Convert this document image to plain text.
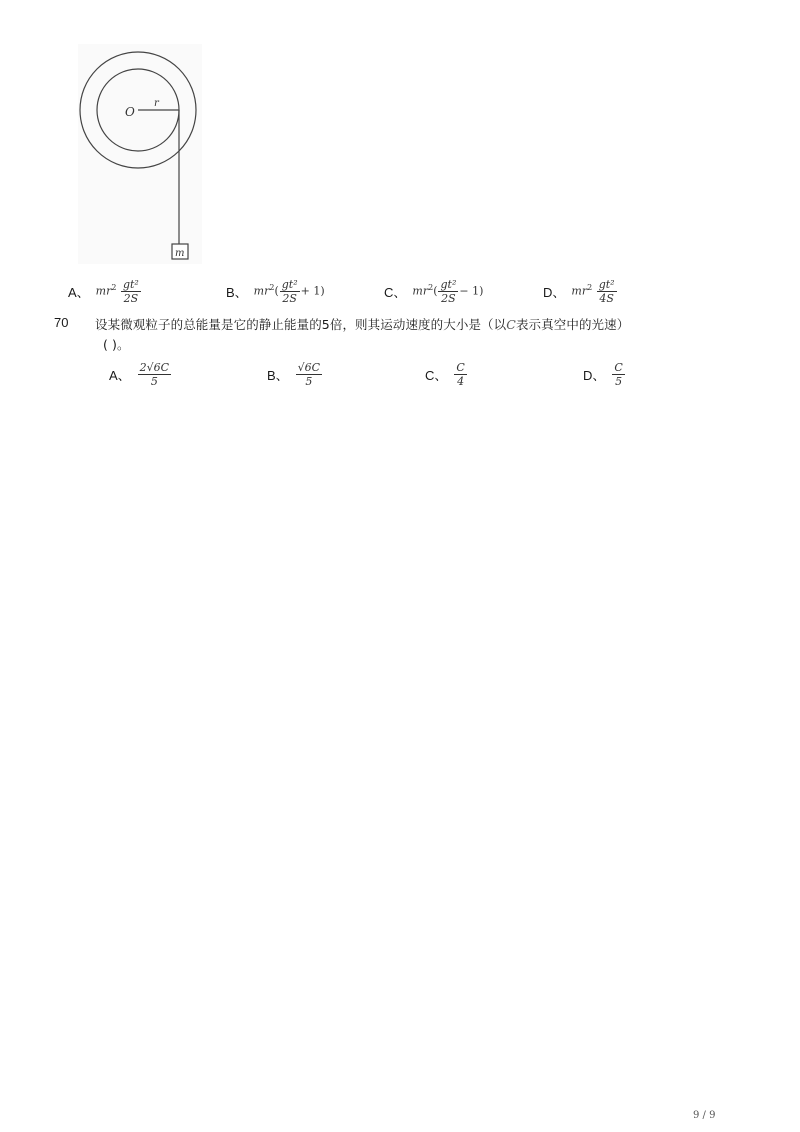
O
r
m
A、 $mr^2 \frac{\text{gt²}}{2S}$	B、 $mr^2( \frac{\text{gt²}}{2S} + 1)$	C、 $mr^2( \frac{\text{gt²}}{2S} - 1)$	D、 $mr^2 \frac{\text{gt²}}{4S}$
70 设某微观粒子的总能量是它的静止能量的5倍，则其运动速度的大小是（以C表示真空中的光速）
( )。
A、 $\frac{2√6C}{5}$	B、 $\frac{√6C}{5}$	C、 $\frac{C}{4}$	D、 $\frac{C}{5}$
9 / 9
